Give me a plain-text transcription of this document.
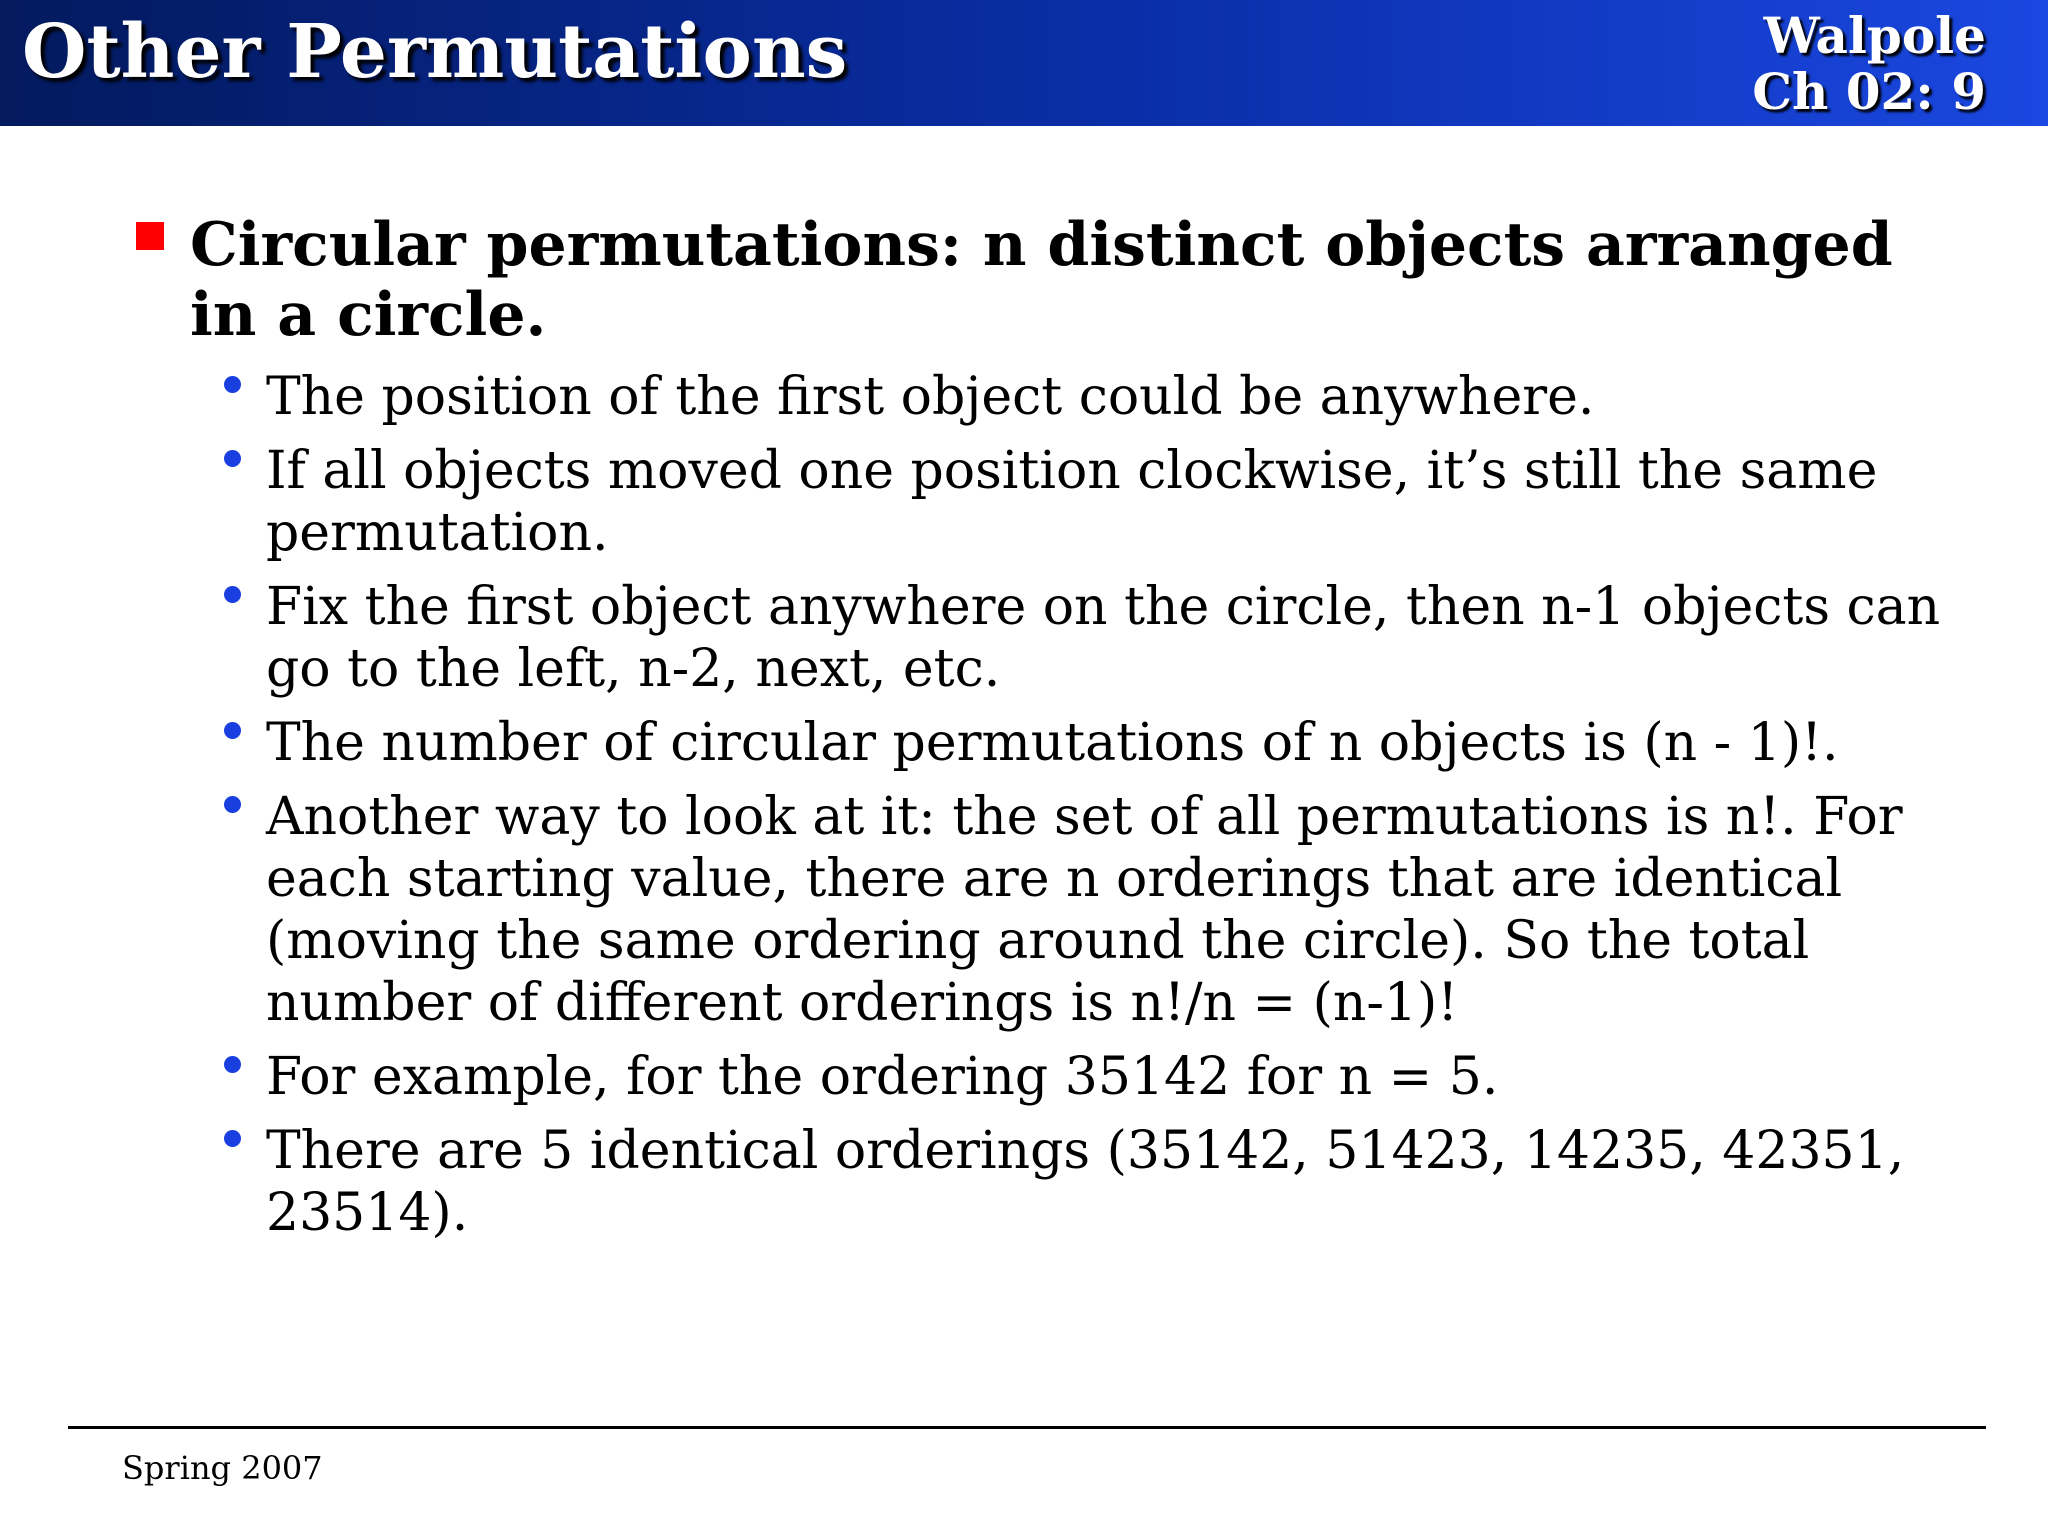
Other Permutations	Walpole
Ch 02: 9
Circular permutations: n distinct objects arranged in a circle.
The position of the first object could be anywhere.
If all objects moved one position clockwise, it’s still the same permutation.
Fix the first object anywhere on the circle, then n-1 objects can go to the left, n-2, next, etc.
The number of circular permutations of n objects is (n - 1)!.
Another way to look at it: the set of all permutations is n!. For each starting value, there are n orderings that are identical (moving the same ordering around the circle). So the total number of different orderings is n!/n = (n-1)!
For example, for the ordering 35142 for n = 5.
There are 5 identical orderings (35142, 51423, 14235, 42351, 23514).
Spring 2007
